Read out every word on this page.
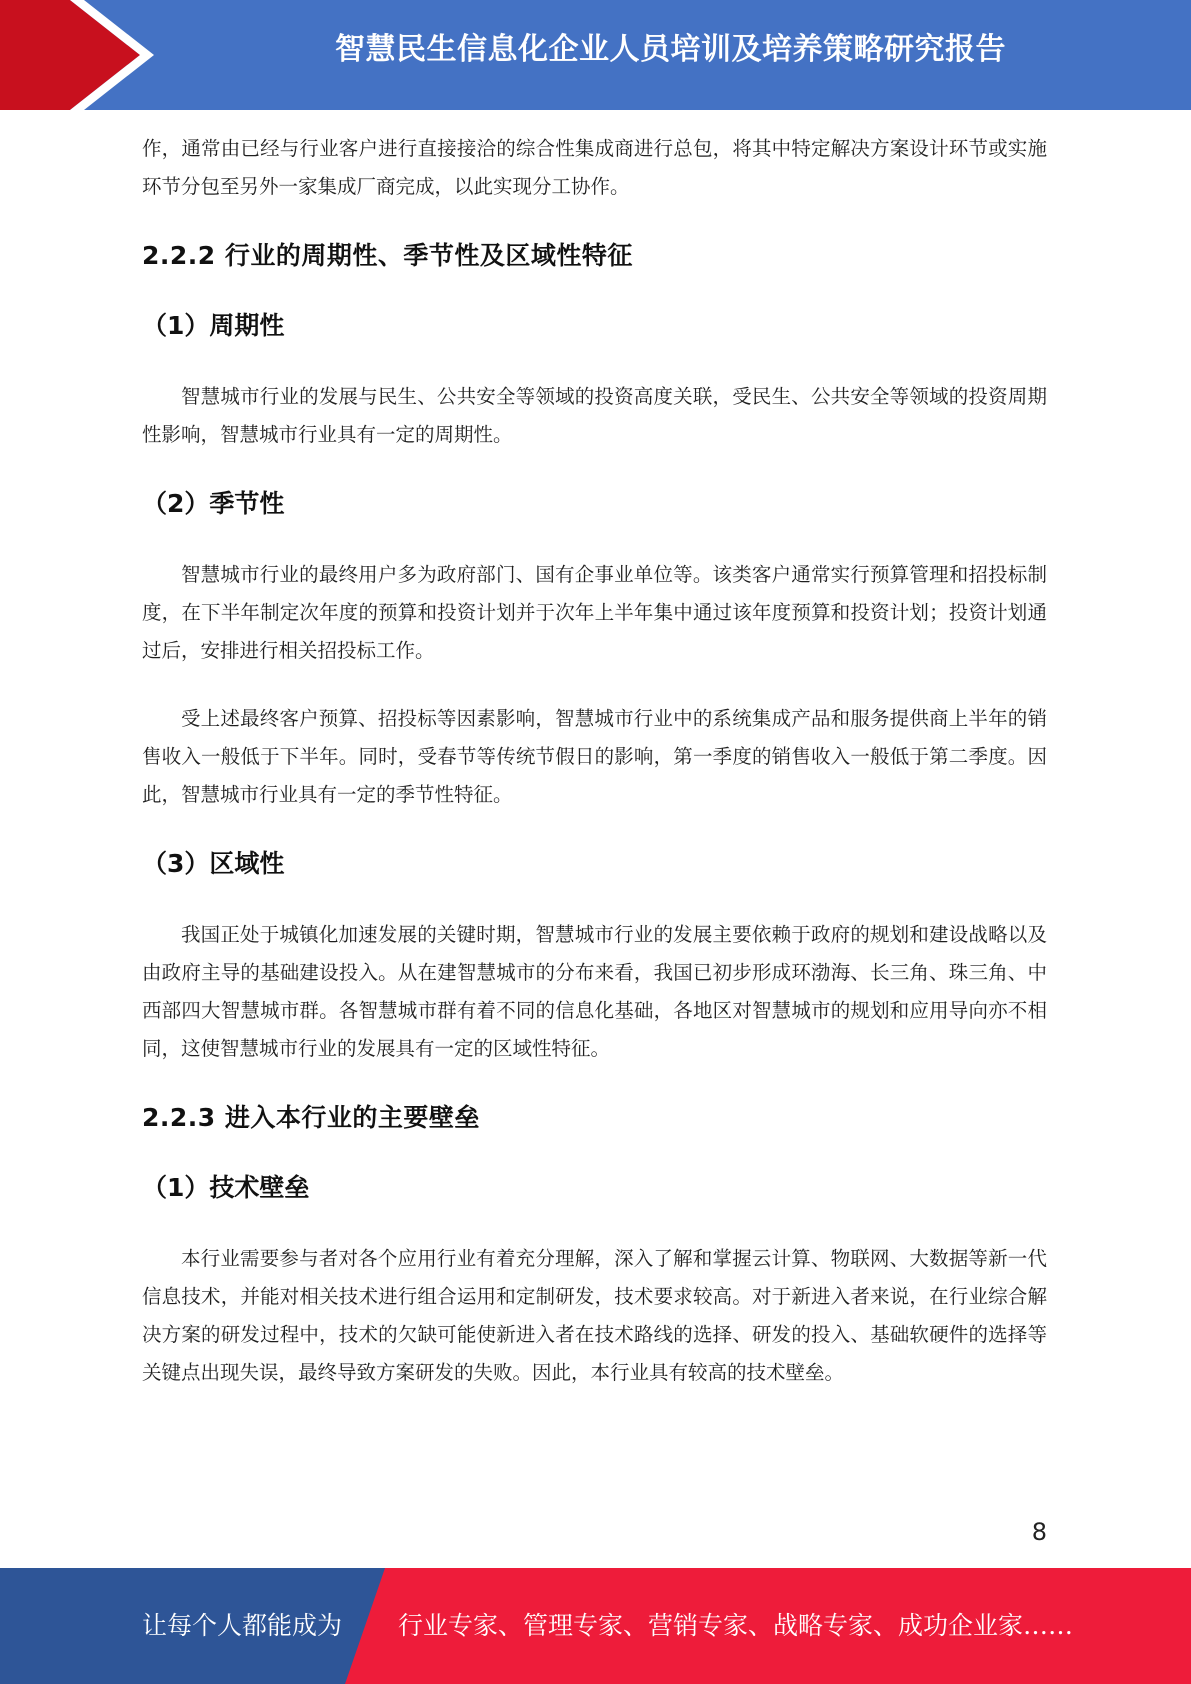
智慧民生信息化企业人员培训及培养策略研究报告

作，通常由已经与行业客户进行直接接洽的综合性集成商进行总包，将其中特定解决方案设计环节或实施环节分包至另外一家集成厂商完成，以此实现分工协作。

2.2.2 行业的周期性、季节性及区域性特征

（1）周期性

智慧城市行业的发展与民生、公共安全等领域的投资高度关联，受民生、公共安全等领域的投资周期性影响，智慧城市行业具有一定的周期性。

（2）季节性

智慧城市行业的最终用户多为政府部门、国有企事业单位等。该类客户通常实行预算管理和招投标制度，在下半年制定次年度的预算和投资计划并于次年上半年集中通过该年度预算和投资计划；投资计划通过后，安排进行相关招投标工作。

受上述最终客户预算、招投标等因素影响，智慧城市行业中的系统集成产品和服务提供商上半年的销售收入一般低于下半年。同时，受春节等传统节假日的影响，第一季度的销售收入一般低于第二季度。因此，智慧城市行业具有一定的季节性特征。

（3）区域性

我国正处于城镇化加速发展的关键时期，智慧城市行业的发展主要依赖于政府的规划和建设战略以及由政府主导的基础建设投入。从在建智慧城市的分布来看，我国已初步形成环渤海、长三角、珠三角、中西部四大智慧城市群。各智慧城市群有着不同的信息化基础，各地区对智慧城市的规划和应用导向亦不相同，这使智慧城市行业的发展具有一定的区域性特征。

2.2.3 进入本行业的主要壁垒

（1）技术壁垒

本行业需要参与者对各个应用行业有着充分理解，深入了解和掌握云计算、物联网、大数据等新一代信息技术，并能对相关技术进行组合运用和定制研发，技术要求较高。对于新进入者来说，在行业综合解决方案的研发过程中，技术的欠缺可能使新进入者在技术路线的选择、研发的投入、基础软硬件的选择等关键点出现失误，最终导致方案研发的失败。因此，本行业具有较高的技术壁垒。

8
让每个人都能成为 行业专家、管理专家、营销专家、战略专家、成功企业家……
